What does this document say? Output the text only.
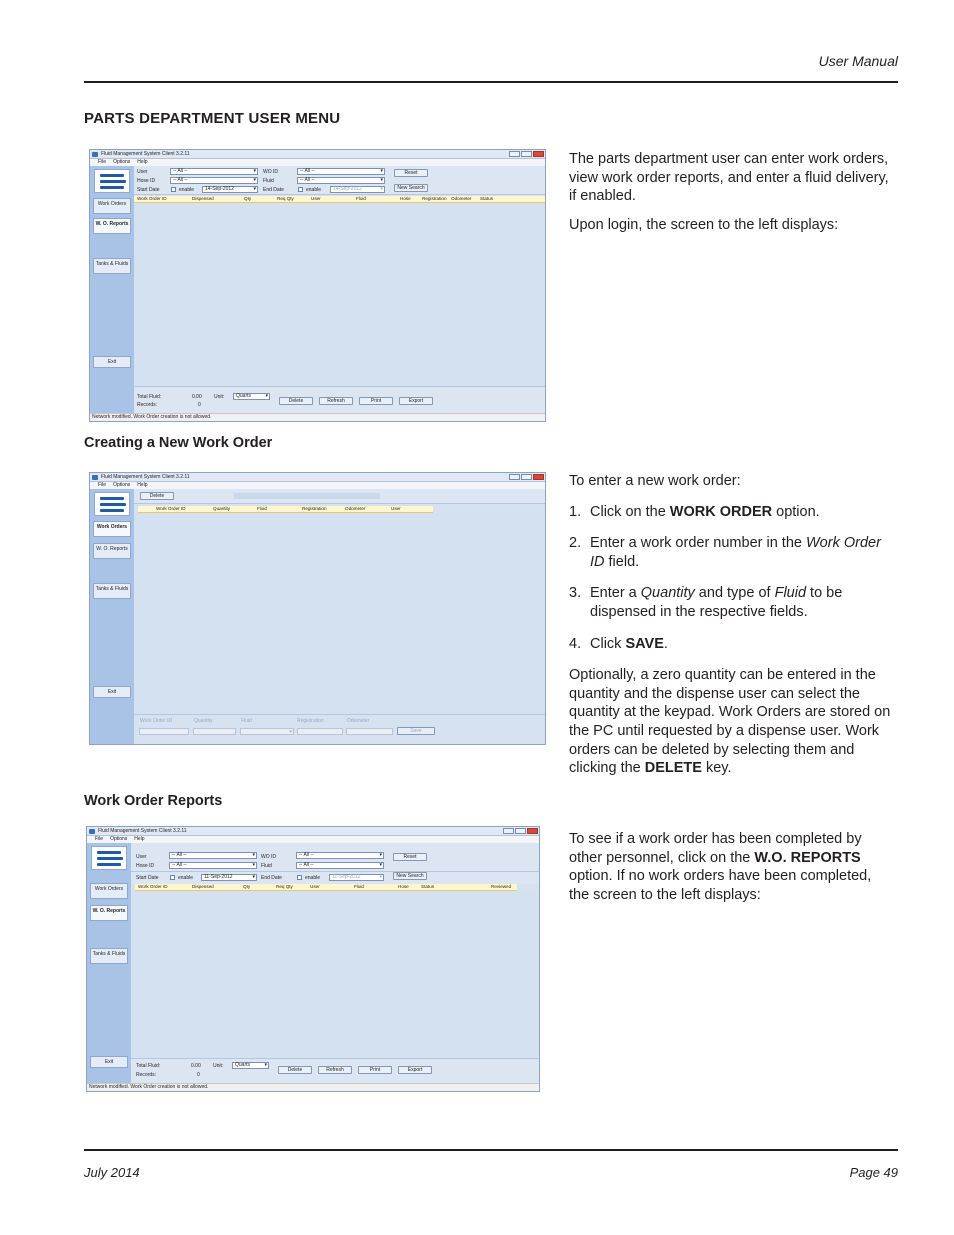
User Manual
PARTS DEPARTMENT USER MENU
Fluid Management System Client 3.2.11
File Options Help
Work Orders
W. O. Reports
Tanks & Fluids
Exit
User
Hose ID
Start Date
-- All --	▾
-- All --	▾
enable	14-Sep-2012	▾
WO ID
Fluid
End Date
-- All --	▾
-- All --	▾
enable	14-Sep-2012	▾
Reset
New Search
Work Order ID	Dispensed	Qty	Req Qty	User	Fluid	Hose Registration Odometer Status
Total Fluid:	0.00
Records:	0
Unit:	Quarts	▾
Delete	Refresh	Print	Export
Network modified. Work Order creation is not allowed.

The parts department user can enter work orders, view work order reports, and enter a fluid delivery, if enabled.

Upon login, the screen to the left displays:

Creating a New Work Order
Fluid Management System Client 3.2.11
File Options Help
Work Orders
W. O. Reports
Tanks & Fluids
Exit
Delete
Work Order ID	Quantity	Fluid	Registration	Odometer	User
Work Order ID	Quantity	Fluid	Registration	Odometer
▾	Save

To enter a new work order:

1. Click on the WORK ORDER option.
2. Enter a work order number in the Work Order ID field.
3. Enter a Quantity and type of Fluid to be dispensed in the respective fields.
4. Click SAVE.

Optionally, a zero quantity can be entered in the quantity and the dispense user can select the quantity at the keypad. Work Orders are stored on the PC until requested by a dispense user. Work orders can be deleted by selecting them and clicking the DELETE key.

Work Order Reports
Fluid Management System Client 3.2.11
File Options Help
Work Orders
W. O. Reports
Tanks & Fluids
Exit
User
Hose ID
-- All --	▾
-- All --	▾
WO ID
Fluid
-- All --	▾
-- All --	▾
Reset
Start Date	enable	11-Sep-2012	▾ End Date	enable	11-Sep-2012	▾	New Search
Work Order ID	Dispensed	Qty	Req Qty	User	Fluid	Hose	Status	Reviewed
Total Fluid:	0.00
Records:	0
Unit:	Quarts	▾
Delete	Refresh	Print	Export
Network modified. Work Order creation is not allowed.

To see if a work order has been completed by other personnel, click on the W.O. REPORTS option. If no work orders have been completed, the screen to the left displays:

July 2014	Page 49
